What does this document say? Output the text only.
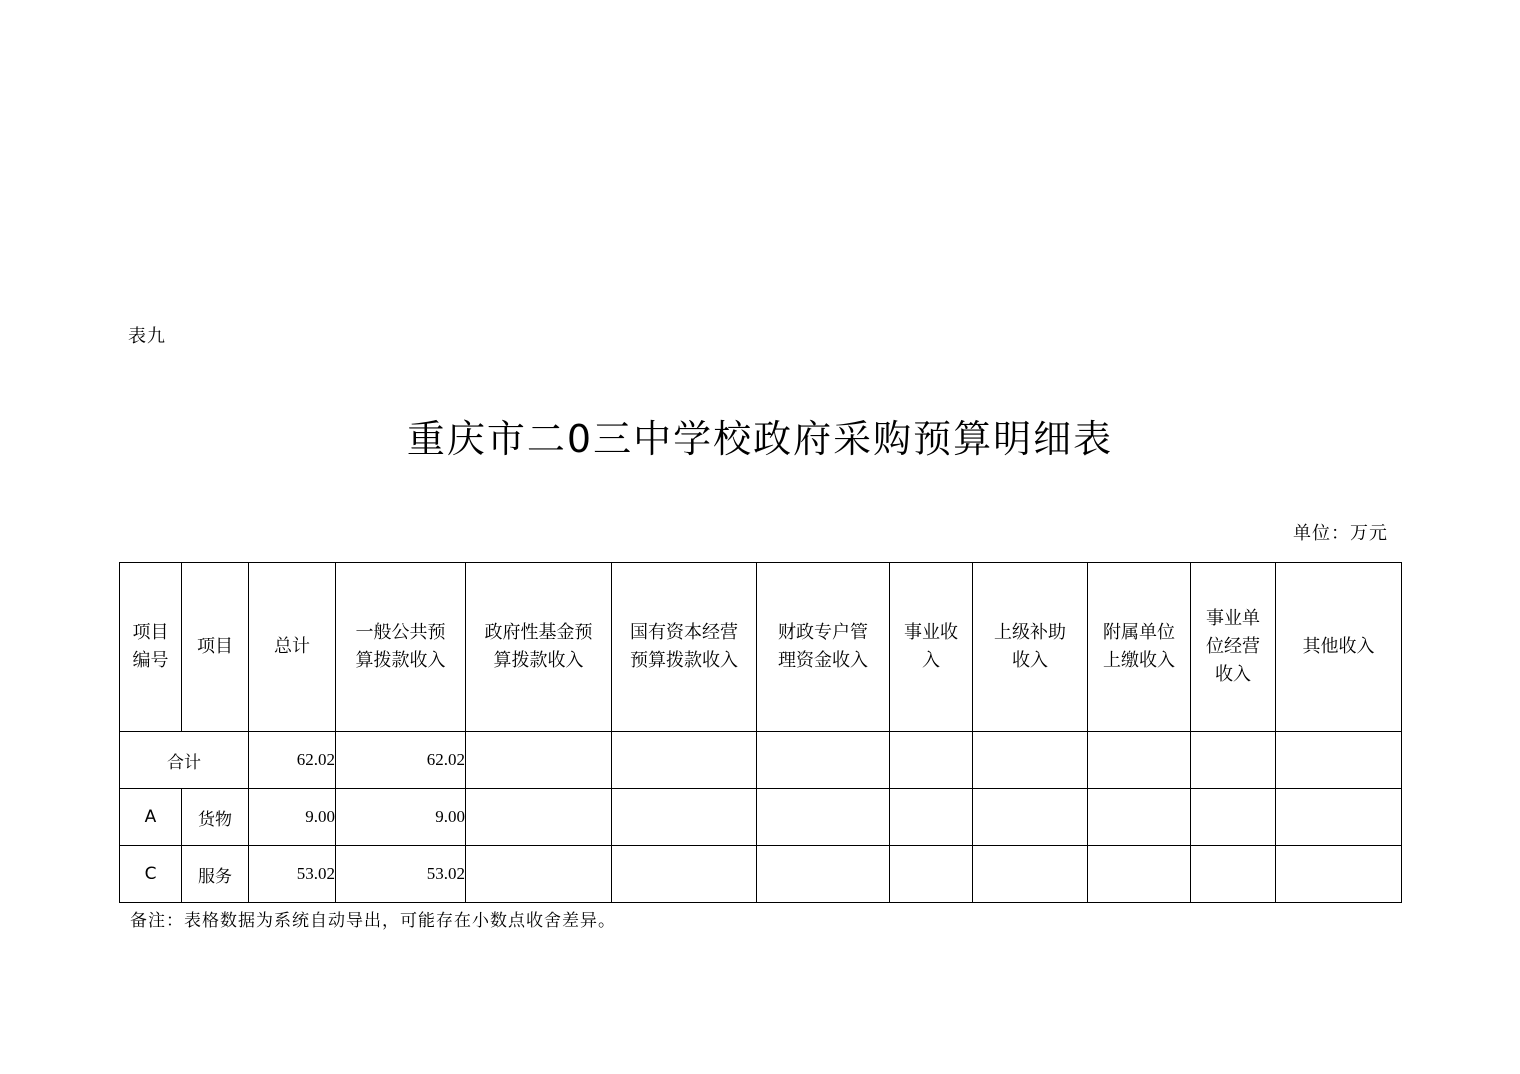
表九
重庆市二0三中学校政府采购预算明细表
单位：万元
项目编号	项目	总计	一般公共预算拨款收入	政府性基金预算拨款收入	国有资本经营预算拨款收入	财政专户管理资金收入	事业收入	上级补助收入	附属单位上缴收入	事业单位经营收入	其他收入
合计		62.02	62.02								
A	货物	9.00	9.00								
C	服务	53.02	53.02								
备注：表格数据为系统自动导出，可能存在小数点收舍差异。
